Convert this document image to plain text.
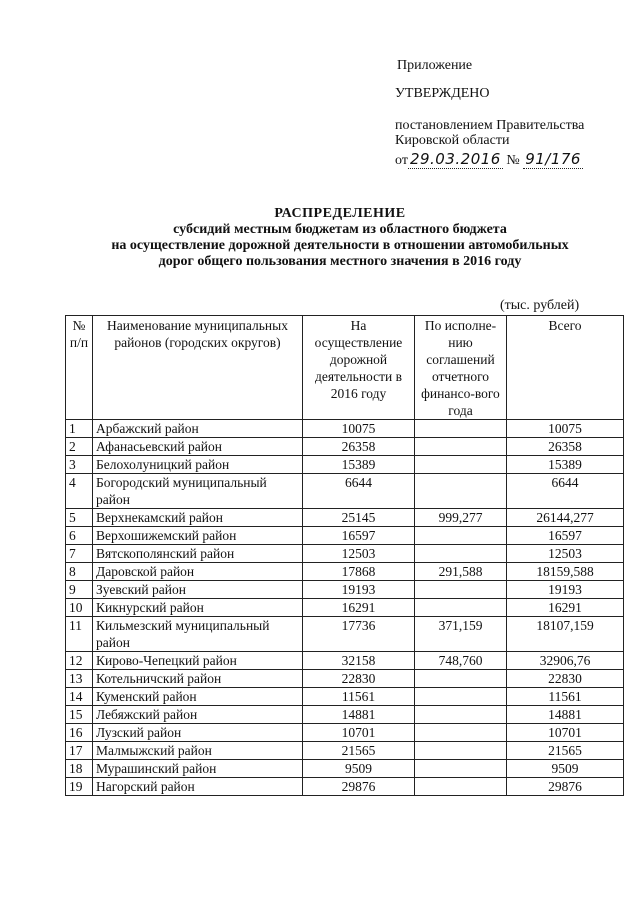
Приложение
УТВЕРЖДЕНО
постановлением Правительства
Кировской области
от 29.03.2016 № 91/176
РАСПРЕДЕЛЕНИЕ
субсидий местным бюджетам из областного бюджета
на осуществление дорожной деятельности в отношении автомобильных
дорог общего пользования местного значения в 2016 году
(тыс. рублей)
№ п/п	Наименование муниципальных районов (городских округов)	На осуществление дорожной деятельности в 2016 году	По исполне-нию соглашений отчетного финансо-вого года	Всего
1	Арбажский район	10075		10075
2	Афанасьевский район	26358		26358
3	Белохолуницкий район	15389		15389
4	Богородский муниципальный район	6644		6644
5	Верхнекамский район	25145	999,277	26144,277
6	Верхошижемский район	16597		16597
7	Вятскополянский район	12503		12503
8	Даровской район	17868	291,588	18159,588
9	Зуевский район	19193		19193
10	Кикнурский район	16291		16291
11	Кильмезский муниципальный район	17736	371,159	18107,159
12	Кирово-Чепецкий район	32158	748,760	32906,76
13	Котельничский район	22830		22830
14	Куменский район	11561		11561
15	Лебяжский район	14881		14881
16	Лузский район	10701		10701
17	Малмыжский район	21565		21565
18	Мурашинский район	9509		9509
19	Нагорский район	29876		29876
